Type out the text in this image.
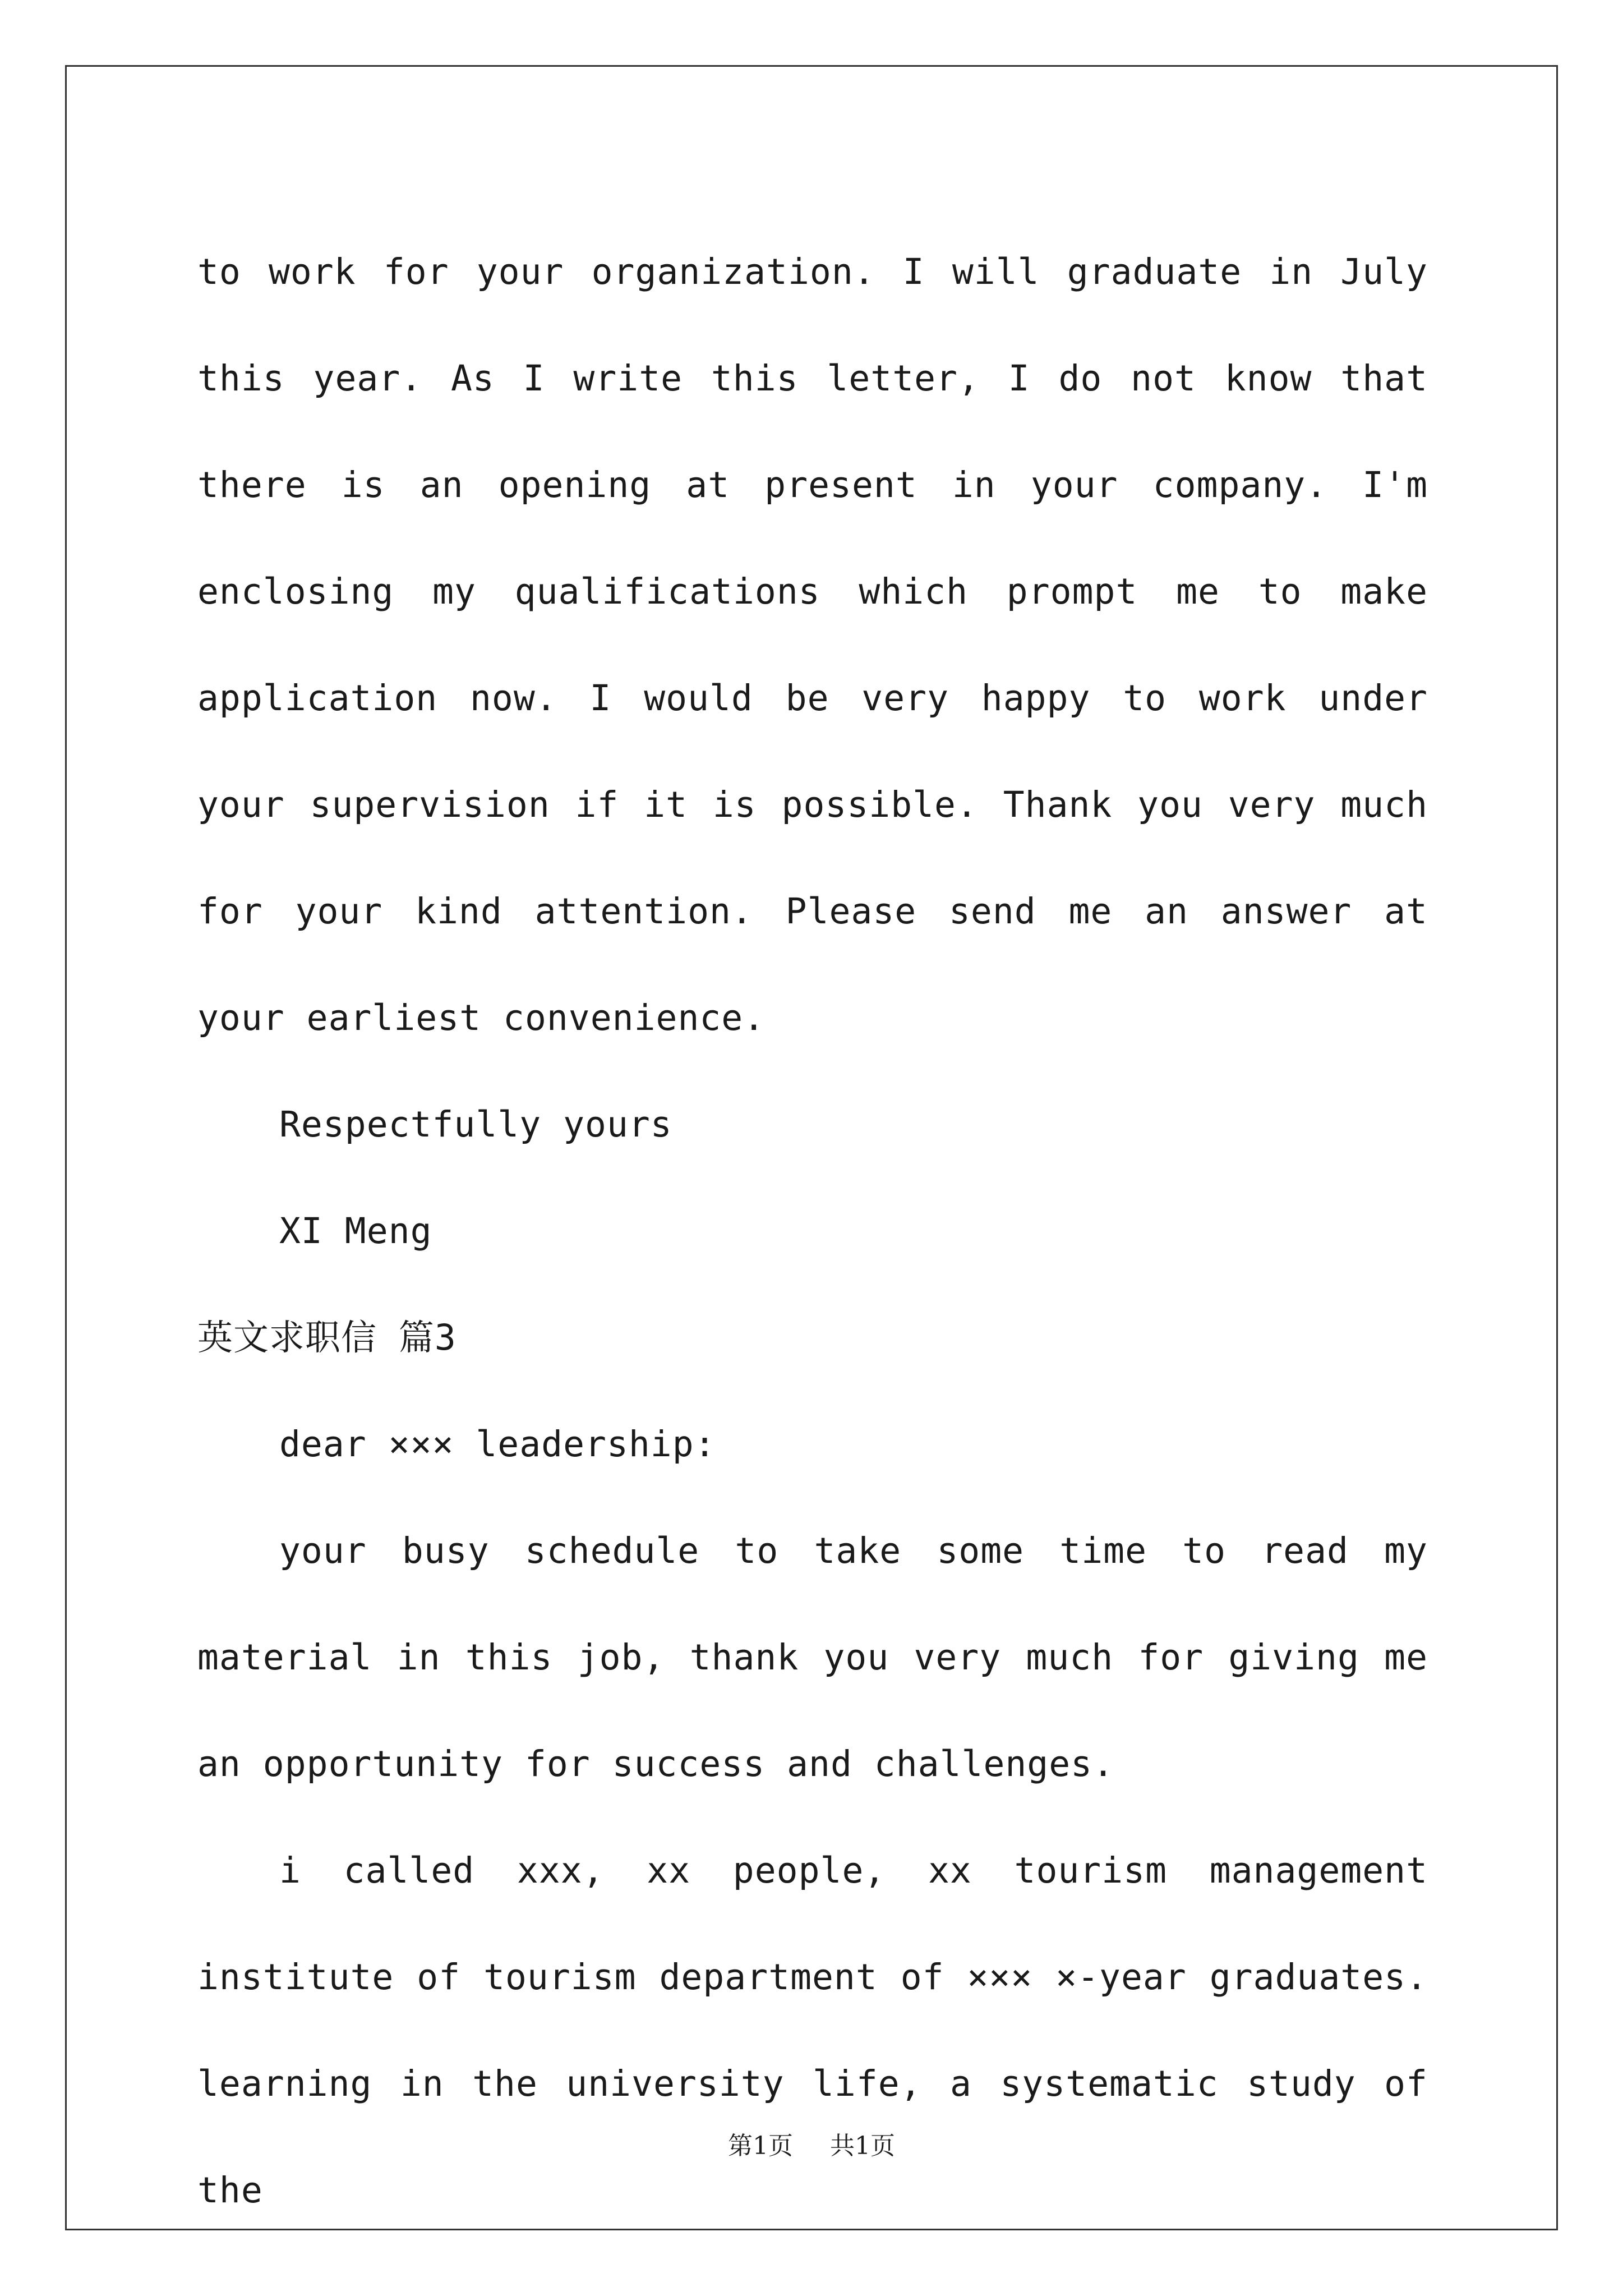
to work for your organization. I will graduate in July this year. As I write this letter, I do not know that there is an opening at present in your company. I'm enclosing my qualifications which prompt me to make application now. I would be very happy to work under your supervision if it is possible. Thank you very much for your kind attention. Please send me an answer at your earliest convenience.

Respectfully yours

XI Meng

英文求职信 篇3

dear ××× leadership:

your busy schedule to take some time to read my material in this job, thank you very much for giving me an opportunity for success and challenges.

i called xxx, xx people, xx tourism management institute of tourism department of ××× ×-year graduates. learning in the university life, a systematic study of the

第1页 共1页
